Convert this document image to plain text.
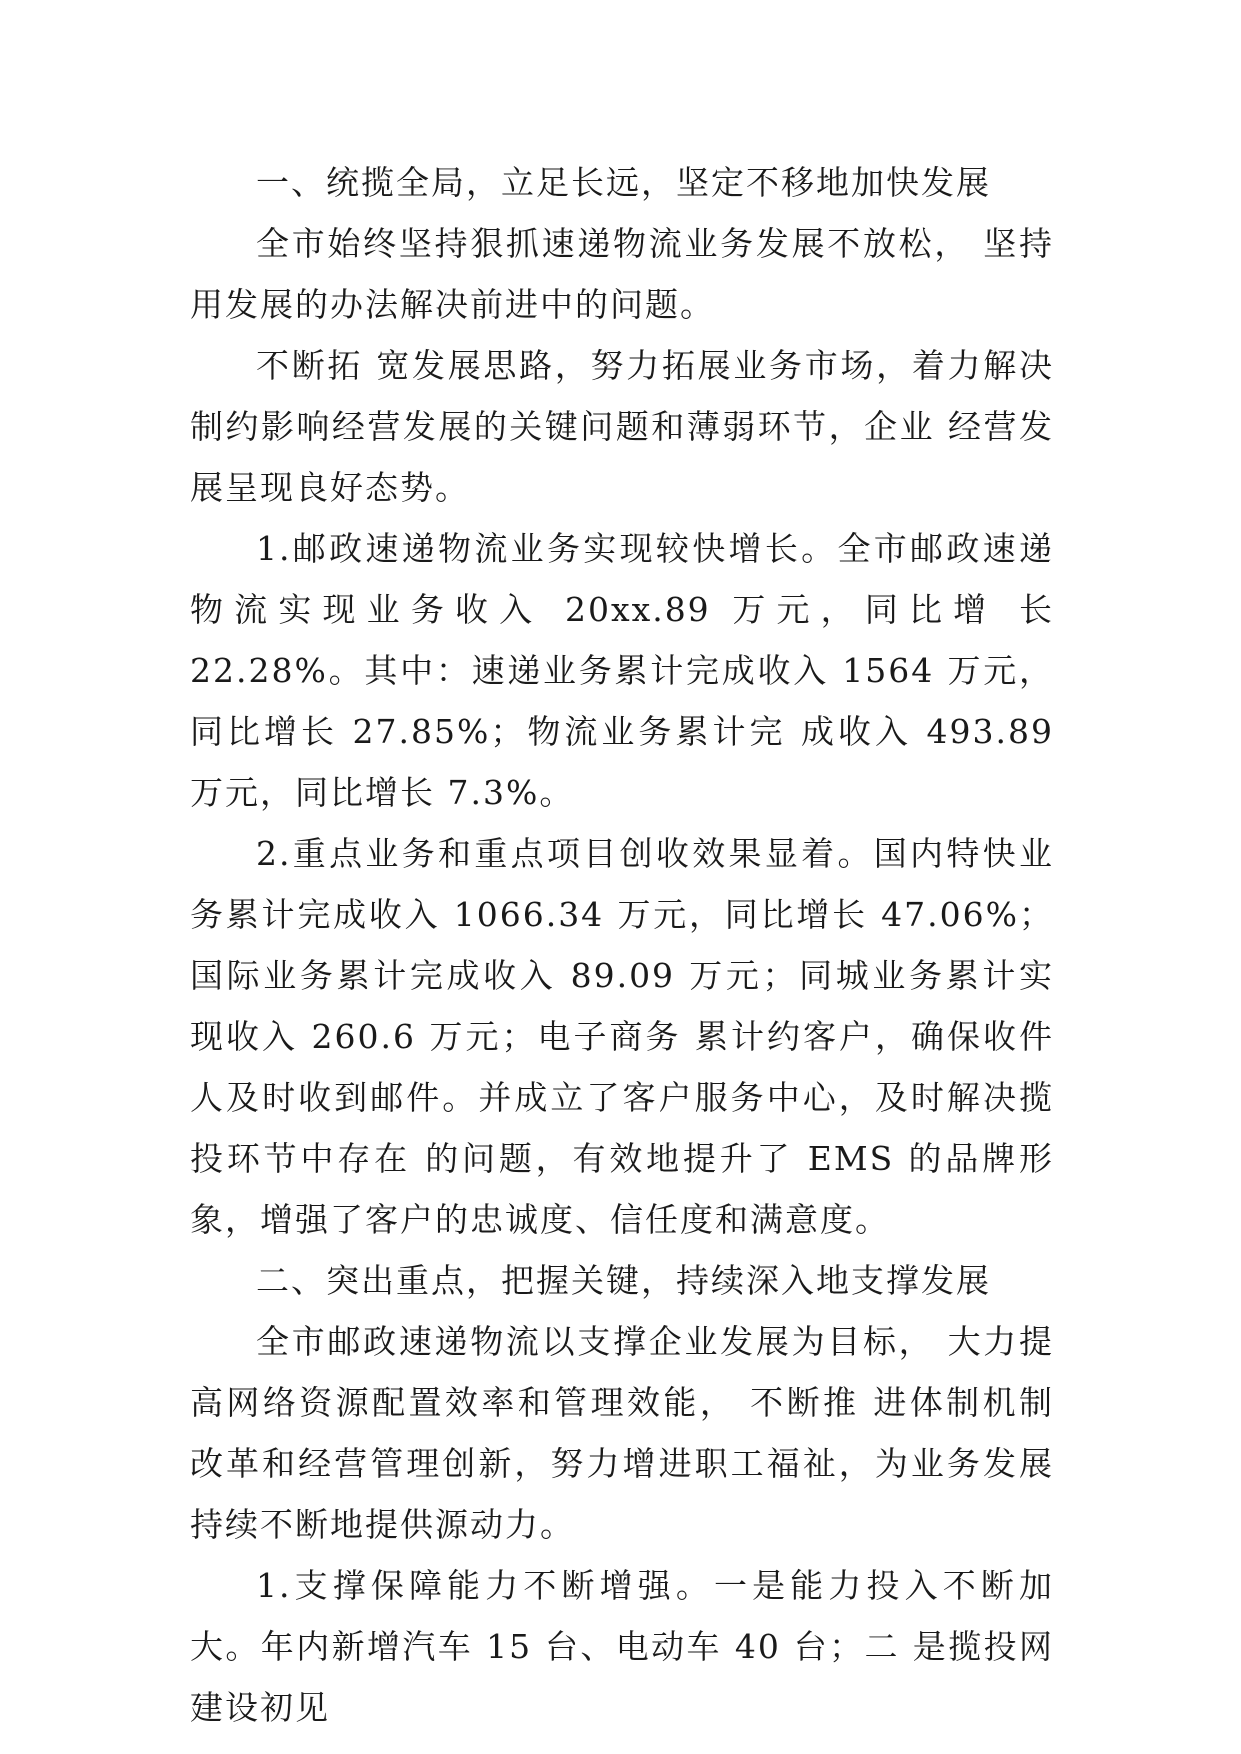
一、统揽全局，立足长远，坚定不移地加快发展

全市始终坚持狠抓速递物流业务发展不放松， 坚持用发展的办法解决前进中的问题。

不断拓 宽发展思路，努力拓展业务市场，着力解决制约影响经营发展的关键问题和薄弱环节，企业 经营发展呈现良好态势。

1.邮政速递物流业务实现较快增长。全市邮政速递物流实现业务收入 20xx.89 万元，同比增 长 22.28%。其中：速递业务累计完成收入 1564 万元，同比增长 27.85%；物流业务累计完 成收入 493.89 万元，同比增长 7.3%。

2.重点业务和重点项目创收效果显着。国内特快业务累计完成收入 1066.34 万元，同比增长 47.06%；国际业务累计完成收入 89.09 万元；同城业务累计实现收入 260.6 万元；电子商务 累计约客户，确保收件人及时收到邮件。并成立了客户服务中心，及时解决揽投环节中存在 的问题，有效地提升了 EMS 的品牌形象，增强了客户的忠诚度、信任度和满意度。

二、突出重点，把握关键，持续深入地支撑发展

全市邮政速递物流以支撑企业发展为目标， 大力提高网络资源配置效率和管理效能， 不断推 进体制机制改革和经营管理创新，努力增进职工福祉，为业务发展持续不断地提供源动力。

1.支撑保障能力不断增强。一是能力投入不断加大。年内新增汽车 15 台、电动车 40 台；二 是揽投网建设初见
